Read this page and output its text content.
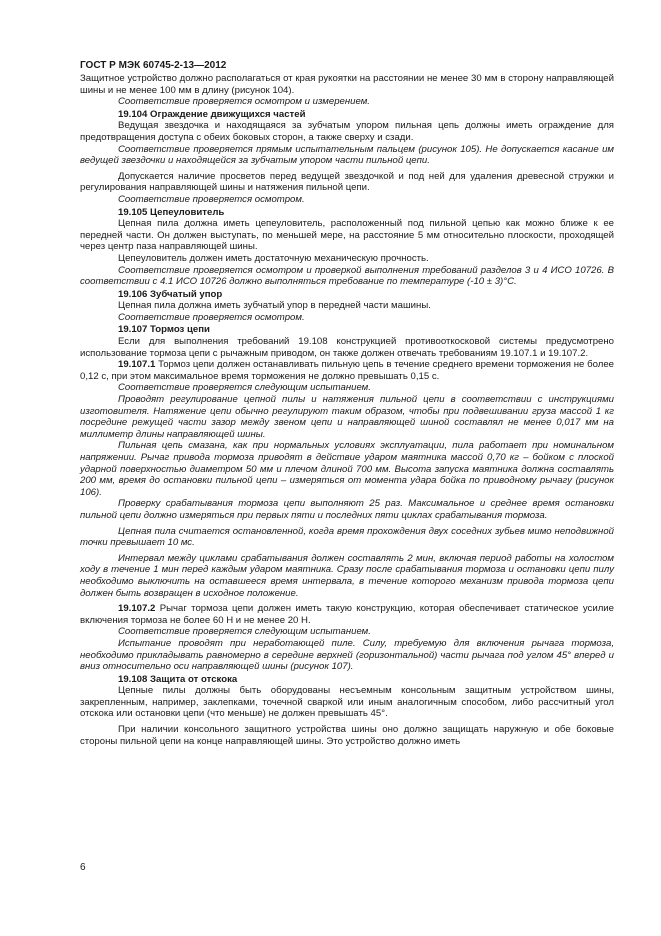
ГОСТ Р МЭК 60745-2-13—2012

Защитное устройство должно располагаться от края рукоятки на расстоянии не менее 30 мм в сторону направляющей шины и не менее 100 мм в длину (рисунок 104).

Соответствие проверяется осмотром и измерением.

19.104 Ограждение движущихся частей

Ведущая звездочка и находящаяся за зубчатым упором пильная цепь должны иметь ограждение для предотвращения доступа с обеих боковых сторон, а также сверху и сзади.

Соответствие проверяется прямым испытательным пальцем (рисунок 105). Не допускается касание им ведущей звездочки и находящейся за зубчатым упором части пильной цепи.

Допускается наличие просветов перед ведущей звездочкой и под ней для удаления древесной стружки и регулирования направляющей шины и натяжения пильной цепи.

Соответствие проверяется осмотром.

19.105 Цепеуловитель

Цепная пила должна иметь цепеуловитель, расположенный под пильной цепью как можно ближе к ее передней части. Он должен выступать, по меньшей мере, на расстояние 5 мм относительно плоскости, проходящей через центр паза направляющей шины.

Цепеуловитель должен иметь достаточную механическую прочность.

Соответствие проверяется осмотром и проверкой выполнения требований разделов 3 и 4 ИСО 10726. В соответствии с 4.1 ИСО 10726 должно выполняться требование по температуре (-10 ± 3)°С.

19.106 Зубчатый упор

Цепная пила должна иметь зубчатый упор в передней части машины.

Соответствие проверяется осмотром.

19.107 Тормоз цепи

Если для выполнения требований 19.108 конструкцией противооткосковой системы предусмотрено использование тормоза цепи с рычажным приводом, он также должен отвечать требованиям 19.107.1 и 19.107.2.

19.107.1 Тормоз цепи должен останавливать пильную цепь в течение среднего времени торможения не более 0,12 с, при этом максимальное время торможения не должно превышать 0,15 с.

Соответствие проверяется следующим испытанием.

Проводят регулирование цепной пилы и натяжения пильной цепи в соответствии с инструкциями изготовителя. Натяжение цепи обычно регулируют таким образом, чтобы при подвешивании груза массой 1 кг посредине режущей части зазор между звеном цепи и направляющей шиной составлял не менее 0,017 мм на миллиметр длины направляющей шины.

Пильная цепь смазана, как при нормальных условиях эксплуатации, пила работает при номинальном напряжении. Рычаг привода тормоза приводят в действие ударом маятника массой 0,70 кг – бойком с плоской ударной поверхностью диаметром 50 мм и плечом длиной 700 мм. Высота запуска маятника должна составлять 200 мм, время до остановки пильной цепи – измеряться от момента удара бойка по приводному рычагу (рисунок 106).

Проверку срабатывания тормоза цепи выполняют 25 раз. Максимальное и среднее время остановки пильной цепи должно измеряться при первых пяти и последних пяти циклах срабатывания тормоза.

Цепная пила считается остановленной, когда время прохождения двух соседних зубьев мимо неподвижной точки превышает 10 мс.

Интервал между циклами срабатывания должен составлять 2 мин, включая период работы на холостом ходу в течение 1 мин перед каждым ударом маятника. Сразу после срабатывания тормоза и остановки цепи пилу необходимо выключить на оставшееся время интервала, в течение которого механизм привода тормоза цепи должен быть возвращен в исходное положение.

19.107.2 Рычаг тормоза цепи должен иметь такую конструкцию, которая обеспечивает статическое усилие включения тормоза не более 60 Н и не менее 20 Н.

Соответствие проверяется следующим испытанием.

Испытание проводят при неработающей пиле. Силу, требуемую для включения рычага тормоза, необходимо прикладывать равномерно в середине верхней (горизонтальной) части рычага под углом 45° вперед и вниз относительно оси направляющей шины (рисунок 107).

19.108 Защита от отскока

Цепные пилы должны быть оборудованы несъемным консольным защитным устройством шины, закрепленным, например, заклепками, точечной сваркой или иным аналогичным способом, либо рассчитный угол отскока или остановки цепи (что меньше) не должен превышать 45°.

При наличии консольного защитного устройства шины оно должно защищать наружную и обе боковые стороны пильной цепи на конце направляющей шины. Это устройство должно иметь

6
